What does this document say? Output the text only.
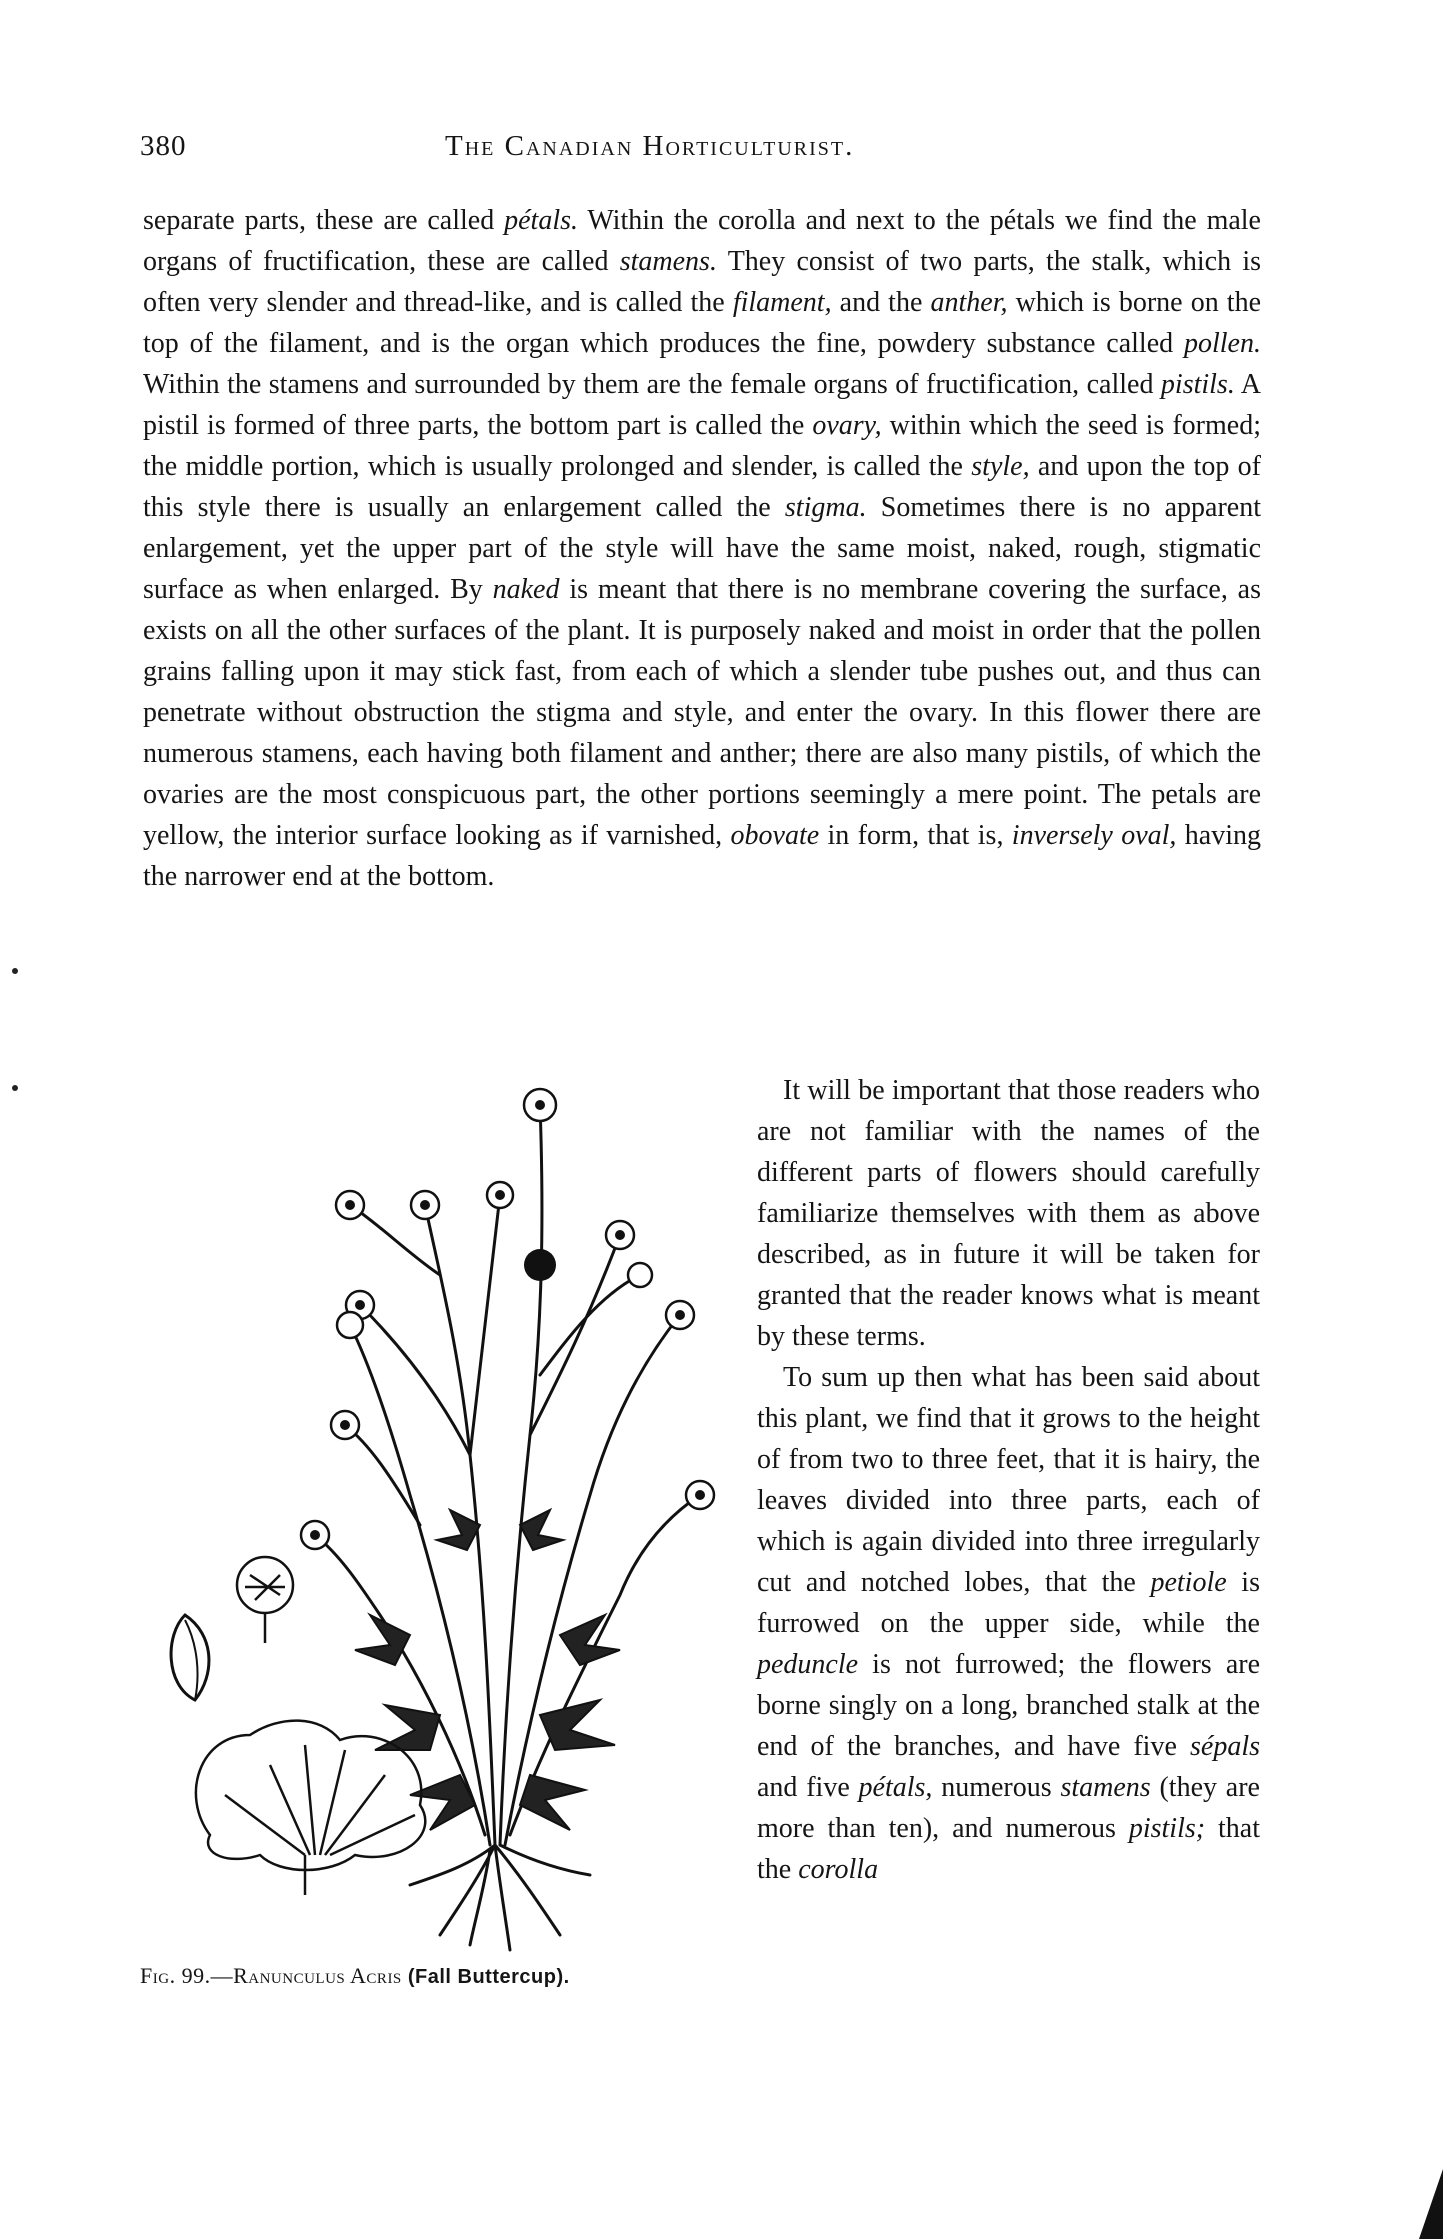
380	The Canadian Horticulturist.

separate parts, these are called pétals. Within the corolla and next to the pétals we find the male organs of fructification, these are called stamens. They consist of two parts, the stalk, which is often very slender and thread-like, and is called the filament, and the anther, which is borne on the top of the filament, and is the organ which produces the fine, powdery substance called pollen. Within the stamens and surrounded by them are the female organs of fructification, called pistils. A pistil is formed of three parts, the bottom part is called the ovary, within which the seed is formed; the middle portion, which is usually prolonged and slender, is called the style, and upon the top of this style there is usually an enlargement called the stigma. Sometimes there is no apparent enlargement, yet the upper part of the style will have the same moist, naked, rough, stigmatic surface as when enlarged. By naked is meant that there is no membrane covering the surface, as exists on all the other surfaces of the plant. It is purposely naked and moist in order that the pollen grains falling upon it may stick fast, from each of which a slender tube pushes out, and thus can penetrate without obstruction the stigma and style, and enter the ovary. In this flower there are numerous stamens, each having both filament and anther; there are also many pistils, of which the ovaries are the most conspicuous part, the other portions seemingly a mere point. The petals are yellow, the interior surface looking as if varnished, obovate in form, that is, inversely oval, having the narrower end at the bottom.

Fig. 99.—Ranunculus Acris (Fall Buttercup).

It will be important that those readers who are not familiar with the names of the different parts of flowers should carefully familiarize themselves with them as above described, as in future it will be taken for granted that the reader knows what is meant by these terms.

To sum up then what has been said about this plant, we find that it grows to the height of from two to three feet, that it is hairy, the leaves divided into three parts, each of which is again divided into three irregularly cut and notched lobes, that the petiole is furrowed on the upper side, while the peduncle is not furrowed; the flowers are borne singly on a long, branched stalk at the end of the branches, and have five sépals and five pétals, numerous stamens (they are more than ten), and numerous pistils; that the corolla
